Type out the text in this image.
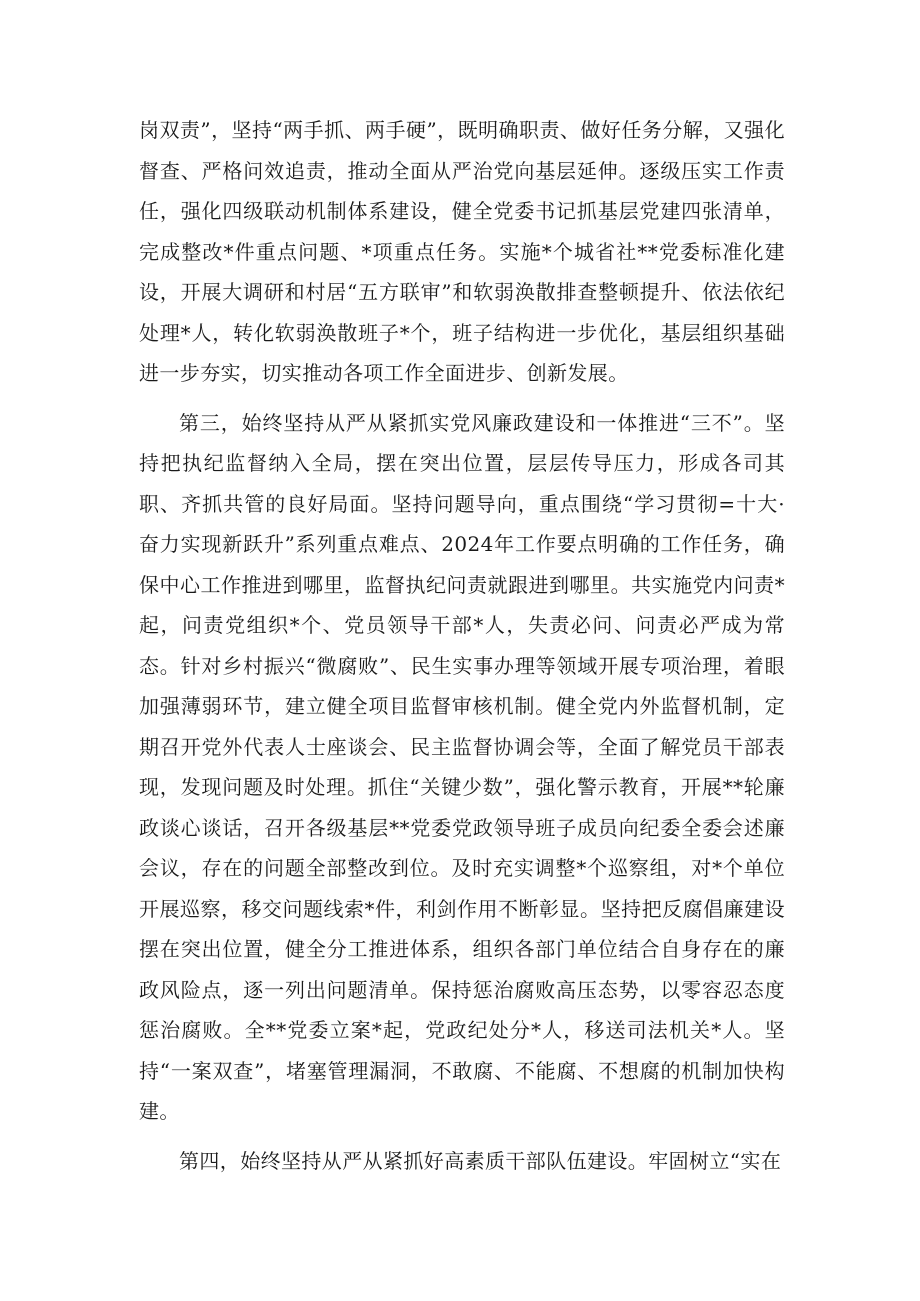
岗双责”，坚持“两手抓、两手硬”，既明确职责、做好任务分解，又强化督查、严格问效追责，推动全面从严治党向基层延伸。逐级压实工作责任，强化四级联动机制体系建设，健全党委书记抓基层党建四张清单，完成整改*件重点问题、*项重点任务。实施*个城省社**党委标准化建设，开展大调研和村居“五方联审”和软弱涣散排查整顿提升、依法依纪处理*人，转化软弱涣散班子*个，班子结构进一步优化，基层组织基础进一步夯实，切实推动各项工作全面进步、创新发展。

第三，始终坚持从严从紧抓实党风廉政建设和一体推进“三不”。坚持把执纪监督纳入全局，摆在突出位置，层层传导压力，形成各司其职、齐抓共管的良好局面。坚持问题导向，重点围绕“学习贯彻=十大·奋力实现新跃升”系列重点难点、2024年工作要点明确的工作任务，确保中心工作推进到哪里，监督执纪问责就跟进到哪里。共实施党内问责*起，问责党组织*个、党员领导干部*人，失责必问、问责必严成为常态。针对乡村振兴“微腐败”、民生实事办理等领域开展专项治理，着眼加强薄弱环节，建立健全项目监督审核机制。健全党内外监督机制，定期召开党外代表人士座谈会、民主监督协调会等，全面了解党员干部表现，发现问题及时处理。抓住“关键少数”，强化警示教育，开展**轮廉政谈心谈话，召开各级基层**党委党政领导班子成员向纪委全委会述廉会议，存在的问题全部整改到位。及时充实调整*个巡察组，对*个单位开展巡察，移交问题线索*件，利剑作用不断彰显。坚持把反腐倡廉建设摆在突出位置，健全分工推进体系，组织各部门单位结合自身存在的廉政风险点，逐一列出问题清单。保持惩治腐败高压态势，以零容忍态度惩治腐败。全**党委立案*起，党政纪处分*人，移送司法机关*人。坚持“一案双查”，堵塞管理漏洞，不敢腐、不能腐、不想腐的机制加快构建。

第四，始终坚持从严从紧抓好高素质干部队伍建设。牢固树立“实在
